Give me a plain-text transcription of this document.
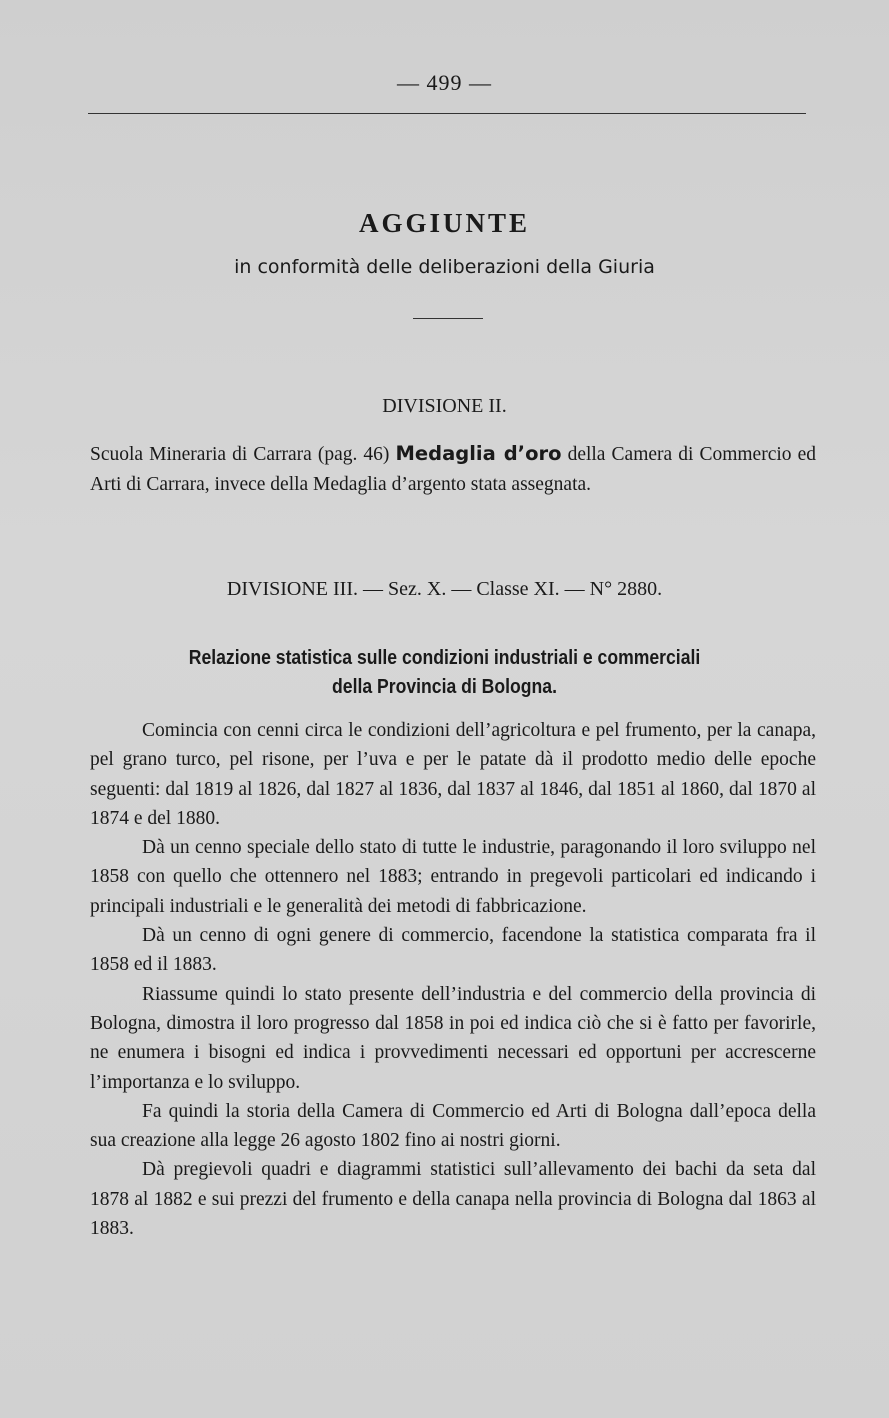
— 499 —
AGGIUNTE
in conformità delle deliberazioni della Giuria
DIVISIONE II.

Scuola Mineraria di Carrara (pag. 46) Medaglia d’oro della Camera di Commercio ed Arti di Carrara, invece della Medaglia d’argento stata assegnata.

DIVISIONE III. — Sez. X. — Classe XI. — N° 2880.
Relazione statistica sulle condizioni industriali e commerciali
della Provincia di Bologna.

Comincia con cenni circa le condizioni dell’agricoltura e pel frumento, per la canapa, pel grano turco, pel risone, per l’uva e per le patate dà il prodotto medio delle epoche seguenti: dal 1819 al 1826, dal 1827 al 1836, dal 1837 al 1846, dal 1851 al 1860, dal 1870 al 1874 e del 1880.

Dà un cenno speciale dello stato di tutte le industrie, paragonando il loro sviluppo nel 1858 con quello che ottennero nel 1883; entrando in pregevoli particolari ed indicando i principali industriali e le generalità dei metodi di fabbricazione.

Dà un cenno di ogni genere di commercio, facendone la statistica comparata fra il 1858 ed il 1883.

Riassume quindi lo stato presente dell’industria e del commercio della provincia di Bologna, dimostra il loro progresso dal 1858 in poi ed indica ciò che si è fatto per favorirle, ne enumera i bisogni ed indica i provvedimenti necessari ed opportuni per accrescerne l’importanza e lo sviluppo.

Fa quindi la storia della Camera di Commercio ed Arti di Bologna dall’epoca della sua creazione alla legge 26 agosto 1802 fino ai nostri giorni.

Dà pregievoli quadri e diagrammi statistici sull’allevamento dei bachi da seta dal 1878 al 1882 e sui prezzi del frumento e della canapa nella provincia di Bologna dal 1863 al 1883.
